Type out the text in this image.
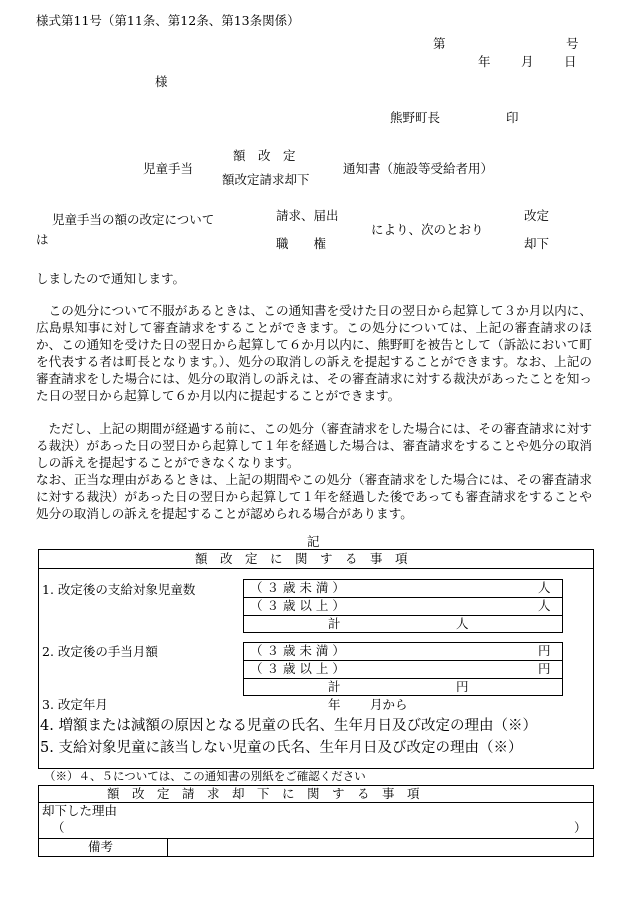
様式第11号（第11条、第12条、第13条関係）
第	号
年 月 日
様
熊野町長	印
児童手当
額　改　定
額改定請求却下
通知書（施設等受給者用）
児童手当の額の改定について
は
請求、届出
職　　権
により、次のとおり
改定
却下
しましたので通知します。
この処分について不服があるときは、この通知書を受けた日の翌日から起算して３か月以内に、広島県知事に対して審査請求をすることができます。この処分については、上記の審査請求のほか、この通知を受けた日の翌日から起算して６か月以内に、熊野町を被告として（訴訟において町を代表する者は町長となります。）、処分の取消しの訴えを提起することができます。なお、上記の審査請求をした場合には、処分の取消しの訴えは、その審査請求に対する裁決があったことを知った日の翌日から起算して６か月以内に提起することができます。
ただし、上記の期間が経過する前に、この処分（審査請求をした場合には、その審査請求に対する裁決）があった日の翌日から起算して１年を経過した場合は、審査請求をすることや処分の取消しの訴えを提起することができなくなります。
なお、正当な理由があるときは、上記の期間やこの処分（審査請求をした場合には、その審査請求に対する裁決）があった日の翌日から起算して１年を経過した後であっても審査請求をすることや処分の取消しの訴えを提起することが認められる場合があります。
記
額　改　定　に　関　す　る　事　項
1. 改定後の支給対象児童数	（ ３ 歳 未 満 ）	人
（ ３ 歳 以 上 ）	人
計	人
2. 改定後の手当月額	（ ３ 歳 未 満 ）	円
（ ３ 歳 以 上 ）	円
計	円
3. 改定年月	年 月から
4. 増額または減額の原因となる児童の氏名、生年月日及び改定の理由（※）
5. 支給対象児童に該当しない児童の氏名、生年月日及び改定の理由（※）
（※）４、５については、この通知書の別紙をご確認ください
額　改　定　請　求　却　下　に　関　す　る　事　項
却下した理由
（	）
備考
